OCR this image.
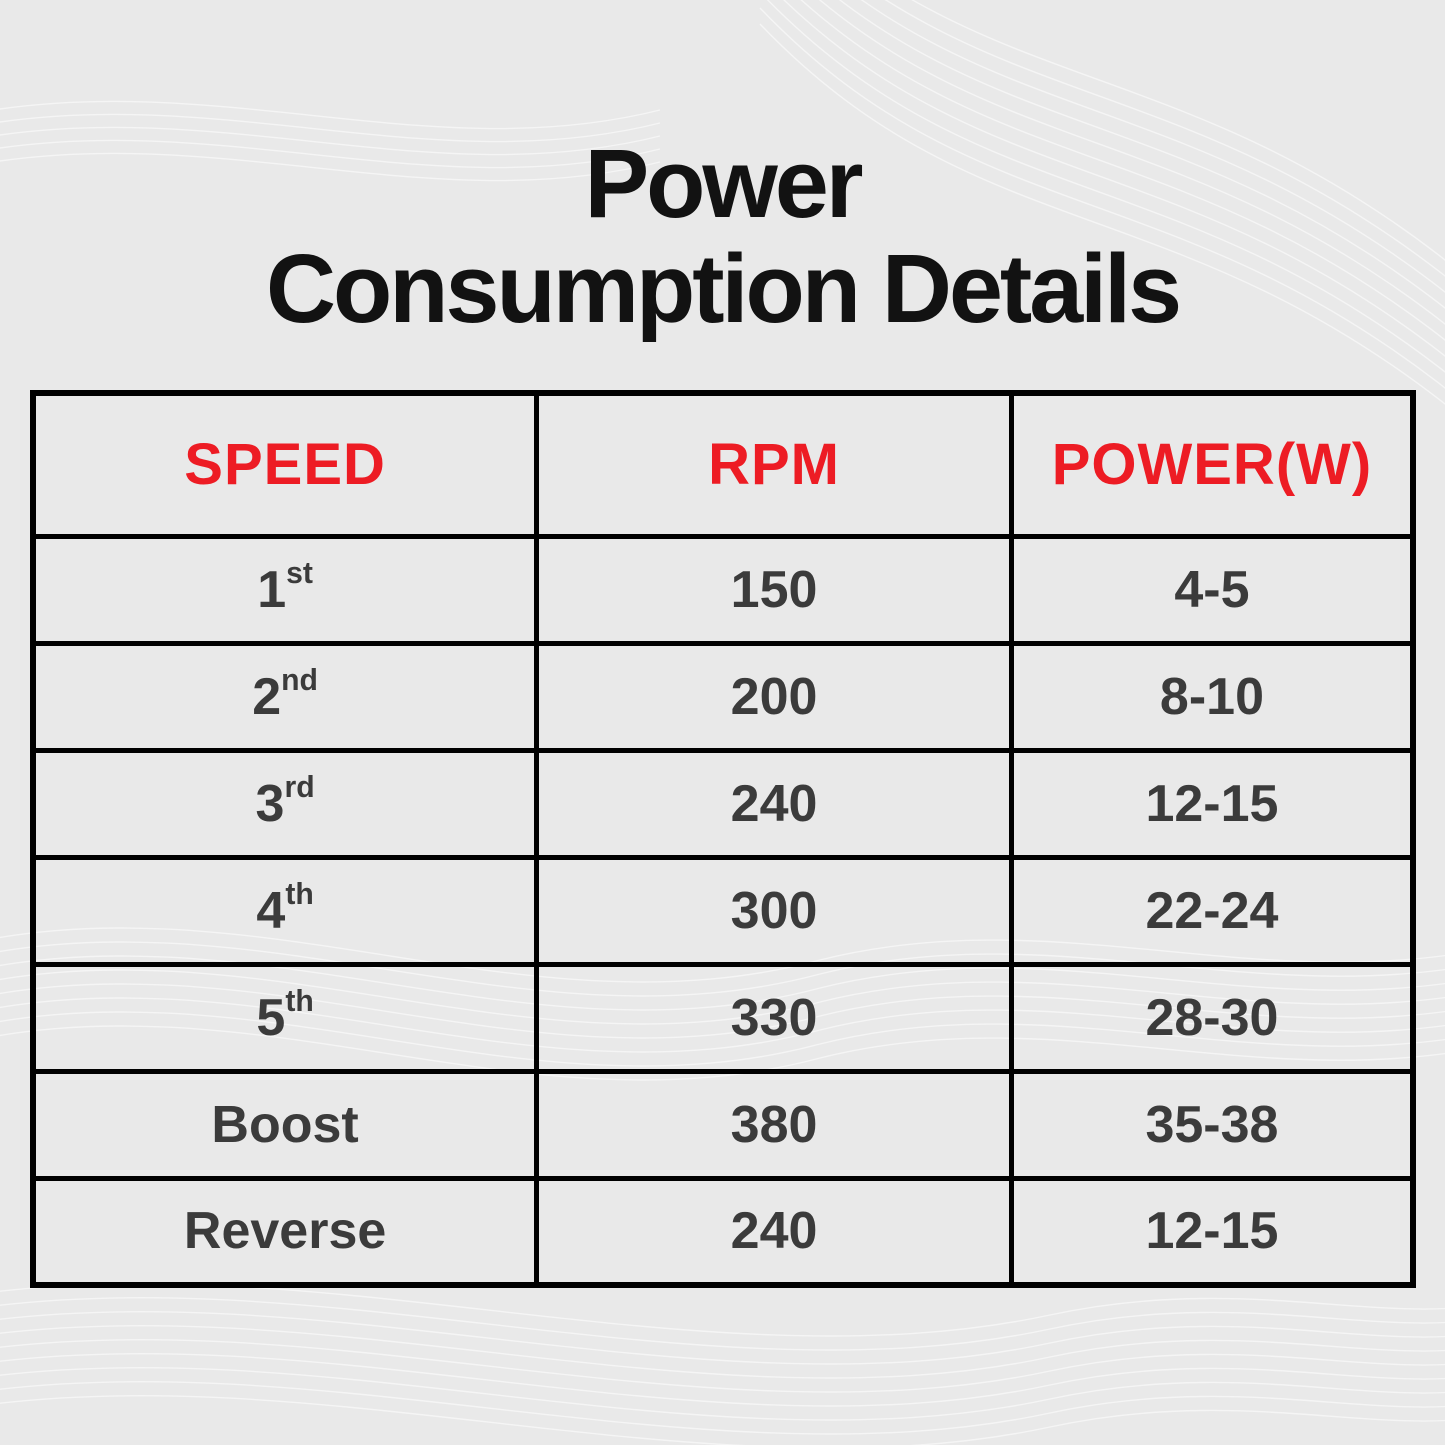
Power
Consumption Details
SPEED	RPM	POWER(W)
1st	150	4-5
2nd	200	8-10
3rd	240	12-15
4th	300	22-24
5th	330	28-30
Boost	380	35-38
Reverse	240	12-15
